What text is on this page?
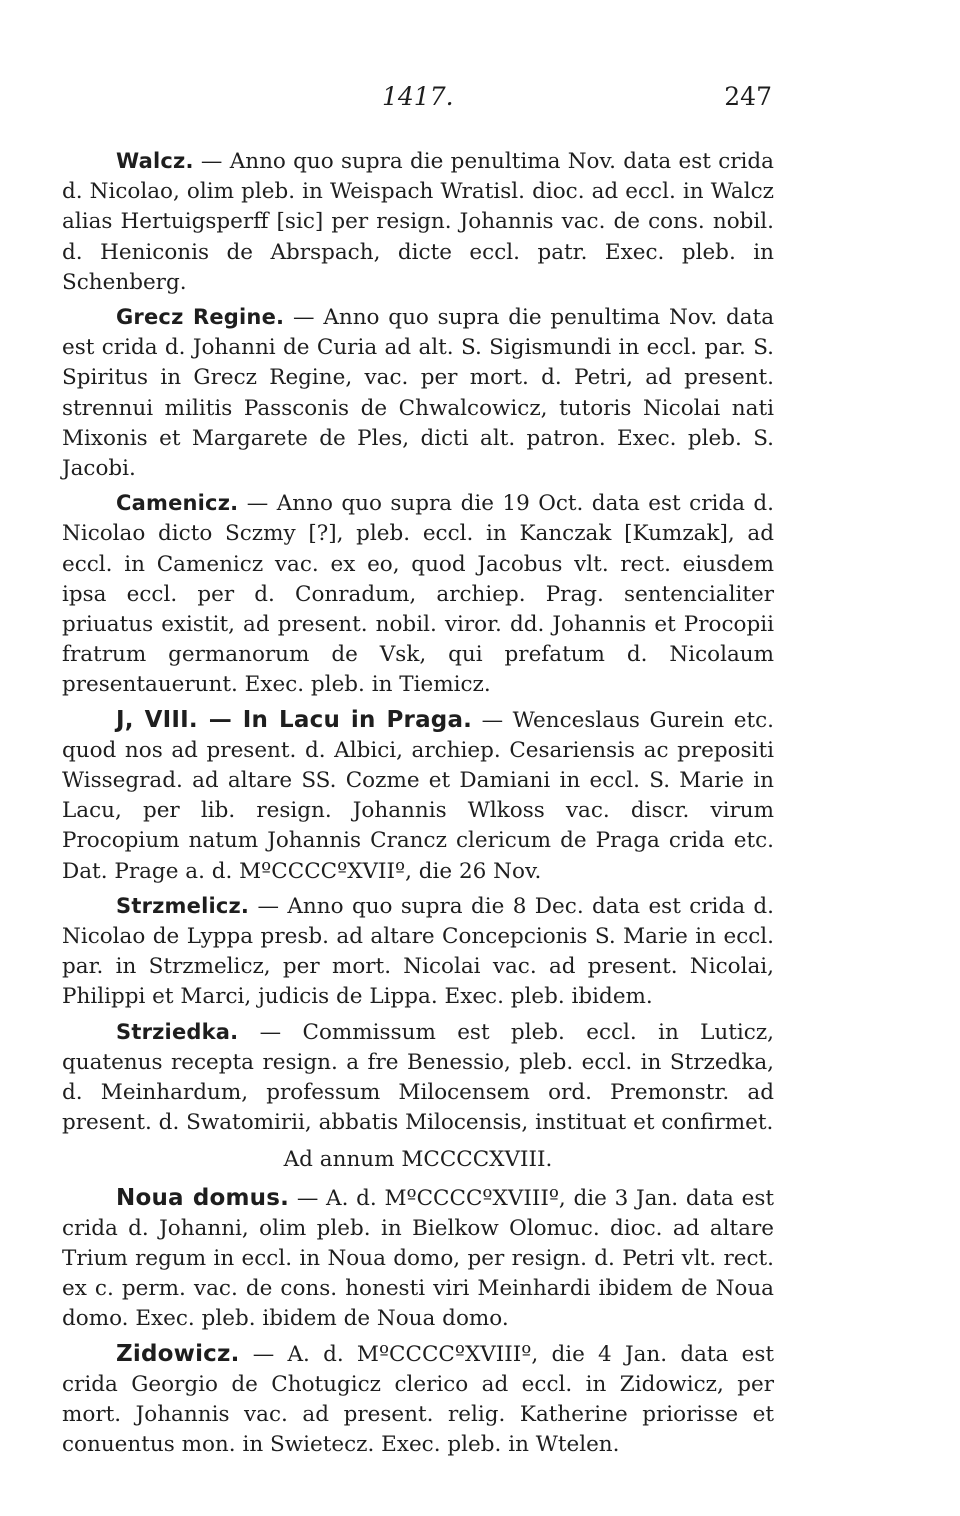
1417.	247

Walcz. — Anno quo supra die penultima Nov. data est crida d. Nicolao, olim pleb. in Weispach Wratisl. dioc. ad eccl. in Walcz alias Hertuigsperff [sic] per resign. Johannis vac. de cons. nobil. d. Heniconis de Abrspach, dicte eccl. patr. Exec. pleb. in Schenberg.

Grecz Regine. — Anno quo supra die penultima Nov. data est crida d. Johanni de Curia ad alt. S. Sigismundi in eccl. par. S. Spiritus in Grecz Regine, vac. per mort. d. Petri, ad present. strennui militis Passconis de Chwalcowicz, tutoris Nicolai nati Mixonis et Margarete de Ples, dicti alt. patron. Exec. pleb. S. Jacobi.

Camenicz. — Anno quo supra die 19 Oct. data est crida d. Nicolao dicto Sczmy [?], pleb. eccl. in Kanczak [Kumzak], ad eccl. in Camenicz vac. ex eo, quod Jacobus vlt. rect. eiusdem ipsa eccl. per d. Conradum, archiep. Prag. sentencialiter priuatus existit, ad present. nobil. viror. dd. Johannis et Procopii fratrum germanorum de Vsk, qui prefatum d. Nicolaum presentauerunt. Exec. pleb. in Tiemicz.

J, VIII. — In Lacu in Praga. — Wenceslaus Gurein etc. quod nos ad present. d. Albici, archiep. Cesariensis ac prepositi Wissegrad. ad altare SS. Cozme et Damiani in eccl. S. Marie in Lacu, per lib. resign. Johannis Wlkoss vac. discr. virum Procopium natum Johannis Crancz clericum de Praga crida etc. Dat. Prage a. d. MºCCCCºXVIIº, die 26 Nov.

Strzmelicz. — Anno quo supra die 8 Dec. data est crida d. Nicolao de Lyppa presb. ad altare Concepcionis S. Marie in eccl. par. in Strzmelicz, per mort. Nicolai vac. ad present. Nicolai, Philippi et Marci, judicis de Lippa. Exec. pleb. ibidem.

Strziedka. — Commissum est pleb. eccl. in Luticz, quatenus recepta resign. a fre Benessio, pleb. eccl. in Strzedka, d. Meinhardum, professum Milocensem ord. Premonstr. ad present. d. Swatomirii, abbatis Milocensis, instituat et confirmet.

Ad annum MCCCCXVIII.

Noua domus. — A. d. MºCCCCºXVIIIº, die 3 Jan. data est crida d. Johanni, olim pleb. in Bielkow Olomuc. dioc. ad altare Trium regum in eccl. in Noua domo, per resign. d. Petri vlt. rect. ex c. perm. vac. de cons. honesti viri Meinhardi ibidem de Noua domo. Exec. pleb. ibidem de Noua domo.

Zidowicz. — A. d. MºCCCCºXVIIIº, die 4 Jan. data est crida Georgio de Chotugicz clerico ad eccl. in Zidowicz, per mort. Johannis vac. ad present. relig. Katherine priorisse et conuentus mon. in Swietecz. Exec. pleb. in Wtelen.
